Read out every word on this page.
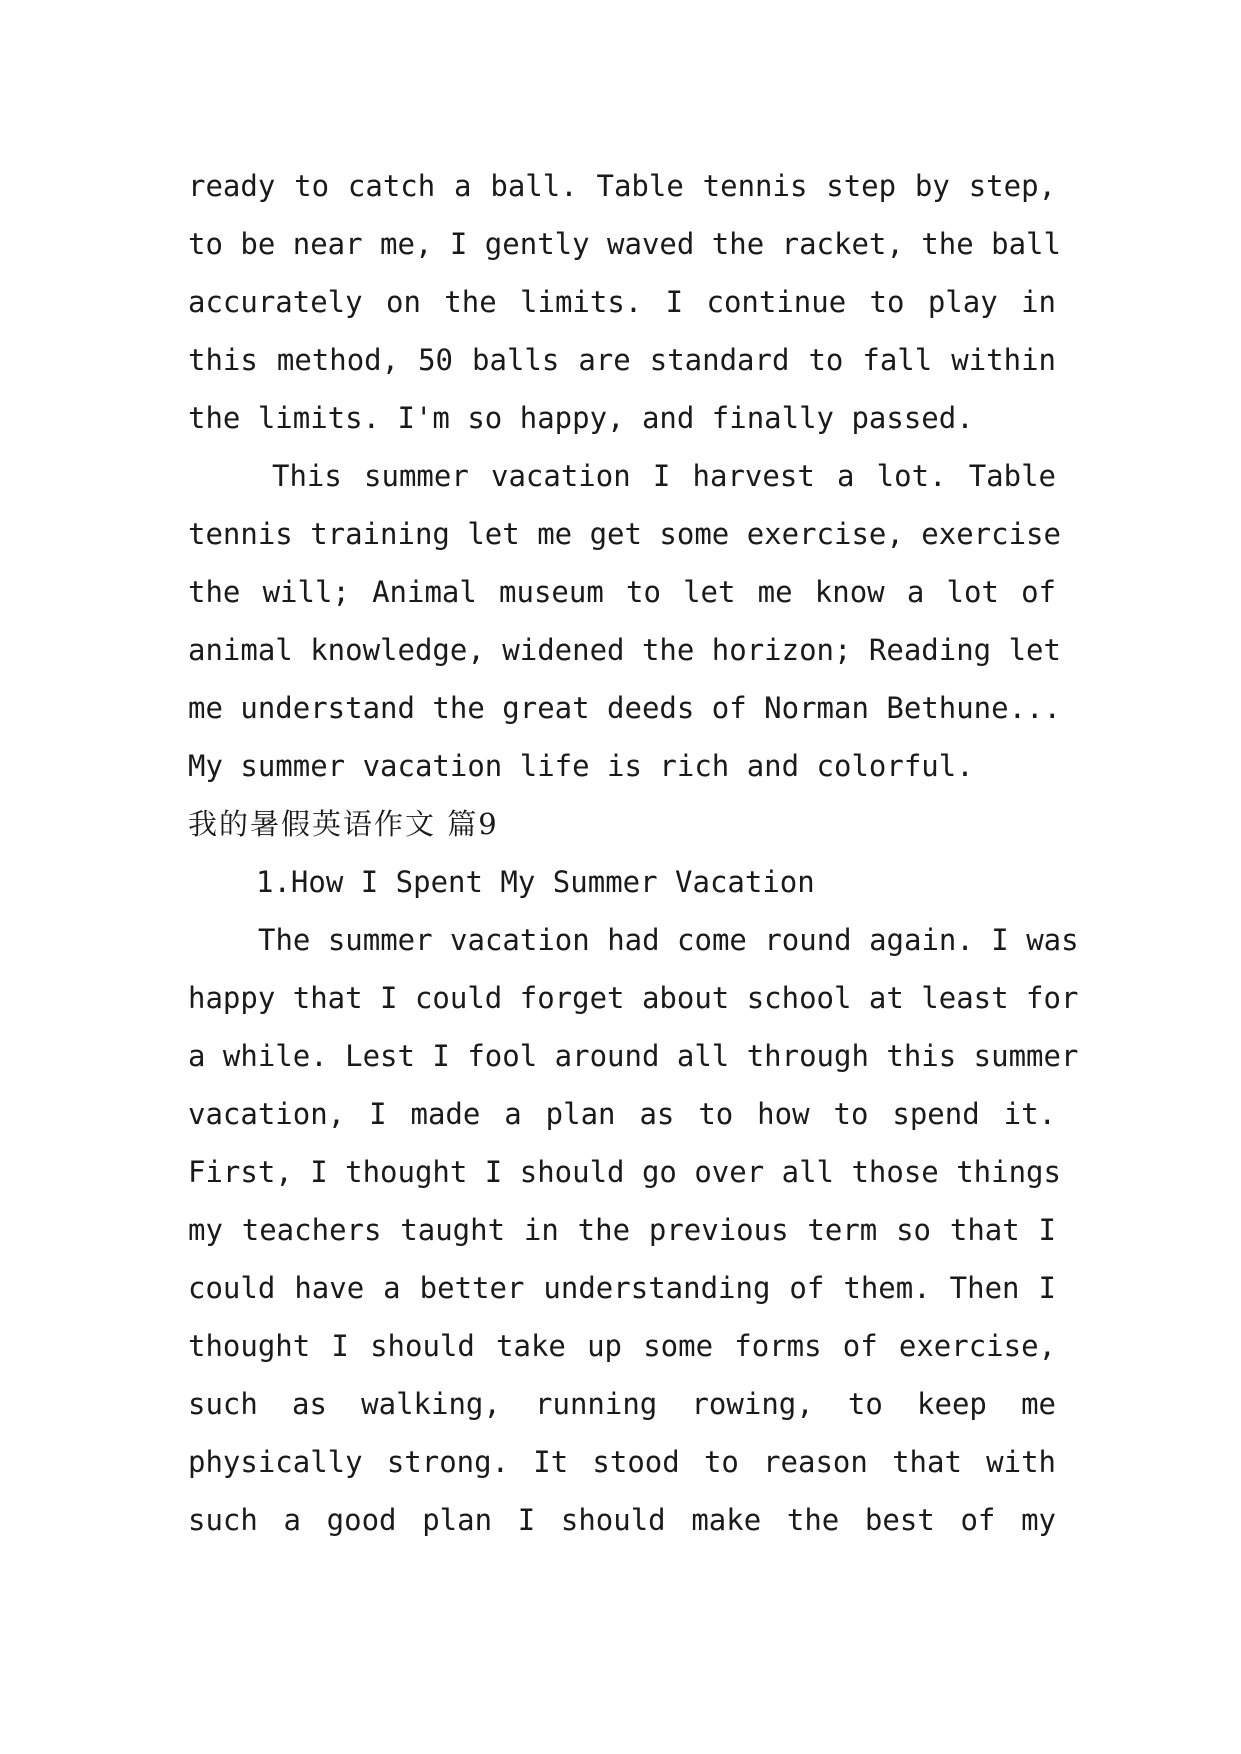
ready to catch a ball. Table tennis step by step,
to be near me, I gently waved the racket, the ball
accurately on the limits. I continue to play in
this method, 50 balls are standard to fall within
the limits. I'm so happy, and finally passed.
This summer vacation I harvest a lot. Table
tennis training let me get some exercise, exercise
the will; Animal museum to let me know a lot of
animal knowledge, widened the horizon; Reading let
me understand the great deeds of Norman Bethune...
My summer vacation life is rich and colorful.
我的暑假英语作文 篇9
1.How I Spent My Summer Vacation
The summer vacation had come round again. I was
happy that I could forget about school at least for
a while. Lest I fool around all through this summer
vacation, I made a plan as to how to spend it.
First, I thought I should go over all those things
my teachers taught in the previous term so that I
could have a better understanding of them. Then I
thought I should take up some forms of exercise,
such as walking, running rowing, to keep me
physically strong. It stood to reason that with
such a good plan I should make the best of my
